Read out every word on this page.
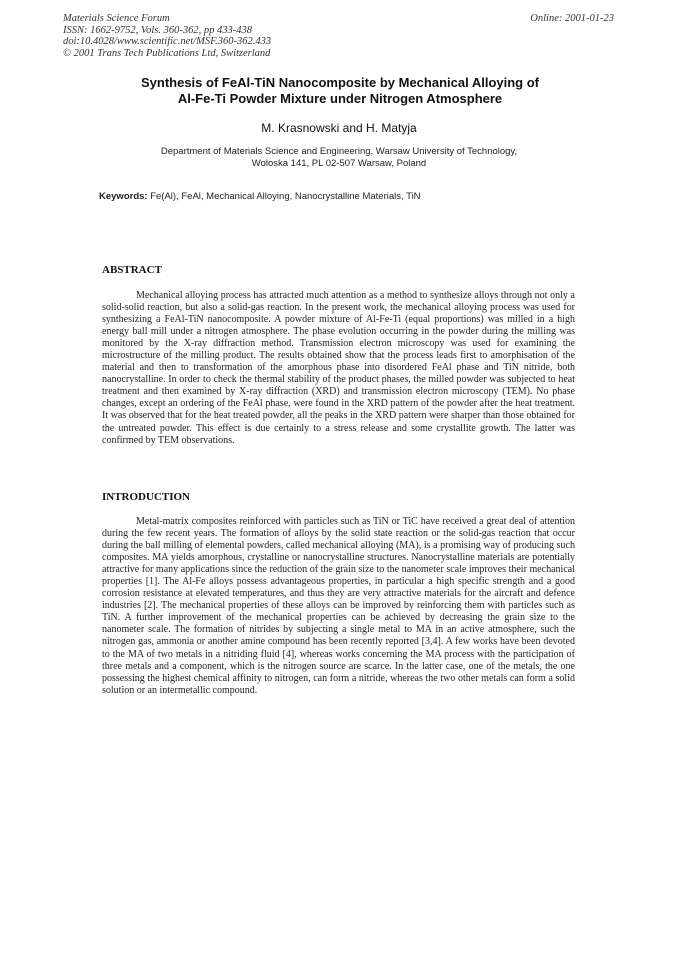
Materials Science Forum
ISSN: 1662-9752, Vols. 360-362, pp 433-438
doi:10.4028/www.scientific.net/MSF.360-362.433
© 2001 Trans Tech Publications Ltd, Switzerland
Online: 2001-01-23
Synthesis of FeAl-TiN Nanocomposite by Mechanical Alloying of
Al-Fe-Ti Powder Mixture under Nitrogen Atmosphere
M. Krasnowski and H. Matyja
Department of Materials Science and Engineering, Warsaw University of Technology,
Woloska 141, PL 02-507 Warsaw, Poland
Keywords: Fe(Al), FeAl, Mechanical Alloying, Nanocrystalline Materials, TiN
ABSTRACT
Mechanical alloying process has attracted much attention as a method to synthesize alloys through not only a solid-solid reaction, but also a solid-gas reaction. In the present work, the mechanical alloying process was used for synthesizing a FeAl-TiN nanocomposite. A powder mixture of Al-Fe-Ti (equal proportions) was milled in a high energy ball mill under a nitrogen atmosphere. The phase evolution occurring in the powder during the milling was monitored by the X-ray diffraction method. Transmission electron microscopy was used for examining the microstructure of the milling product. The results obtained show that the process leads first to amorphisation of the material and then to transformation of the amorphous phase into disordered FeAl phase and TiN nitride, both nanocrystalline. In order to check the thermal stability of the product phases, the milled powder was subjected to heat treatment and then examined by X-ray diffraction (XRD) and transmission electron microscopy (TEM). No phase changes, except an ordering of the FeAl phase, were found in the XRD pattern of the powder after the heat treatment. It was observed that for the heat treated powder, all the peaks in the XRD pattern were sharper than those obtained for the untreated powder. This effect is due certainly to a stress release and some crystallite growth. The latter was confirmed by TEM observations.
INTRODUCTION
Metal-matrix composites reinforced with particles such as TiN or TiC have received a great deal of attention during the few recent years. The formation of alloys by the solid state reaction or the solid-gas reaction that occur during the ball milling of elemental powders, called mechanical alloying (MA), is a promising way of producing such composites. MA yields amorphous, crystalline or nanocrystalline structures. Nanocrystalline materials are potentially attractive for many applications since the reduction of the grain size to the nanometer scale improves their mechanical properties [1]. The Al-Fe alloys possess advantageous properties, in particular a high specific strength and a good corrosion resistance at elevated temperatures, and thus they are very attractive materials for the aircraft and defence industries [2]. The mechanical properties of these alloys can be improved by reinforcing them with particles such as TiN. A further improvement of the mechanical properties can be achieved by decreasing the grain size to the nanometer scale. The formation of nitrides by subjecting a single metal to MA in an active atmosphere, such the nitrogen gas, ammonia or another amine compound has been recently reported [3,4]. A few works have been devoted to the MA of two metals in a nitriding fluid [4], whereas works concerning the MA process with the participation of three metals and a component, which is the nitrogen source are scarce. In the latter case, one of the metals, the one possessing the highest chemical affinity to nitrogen, can form a nitride, whereas the two other metals can form a solid solution or an intermetallic compound.
